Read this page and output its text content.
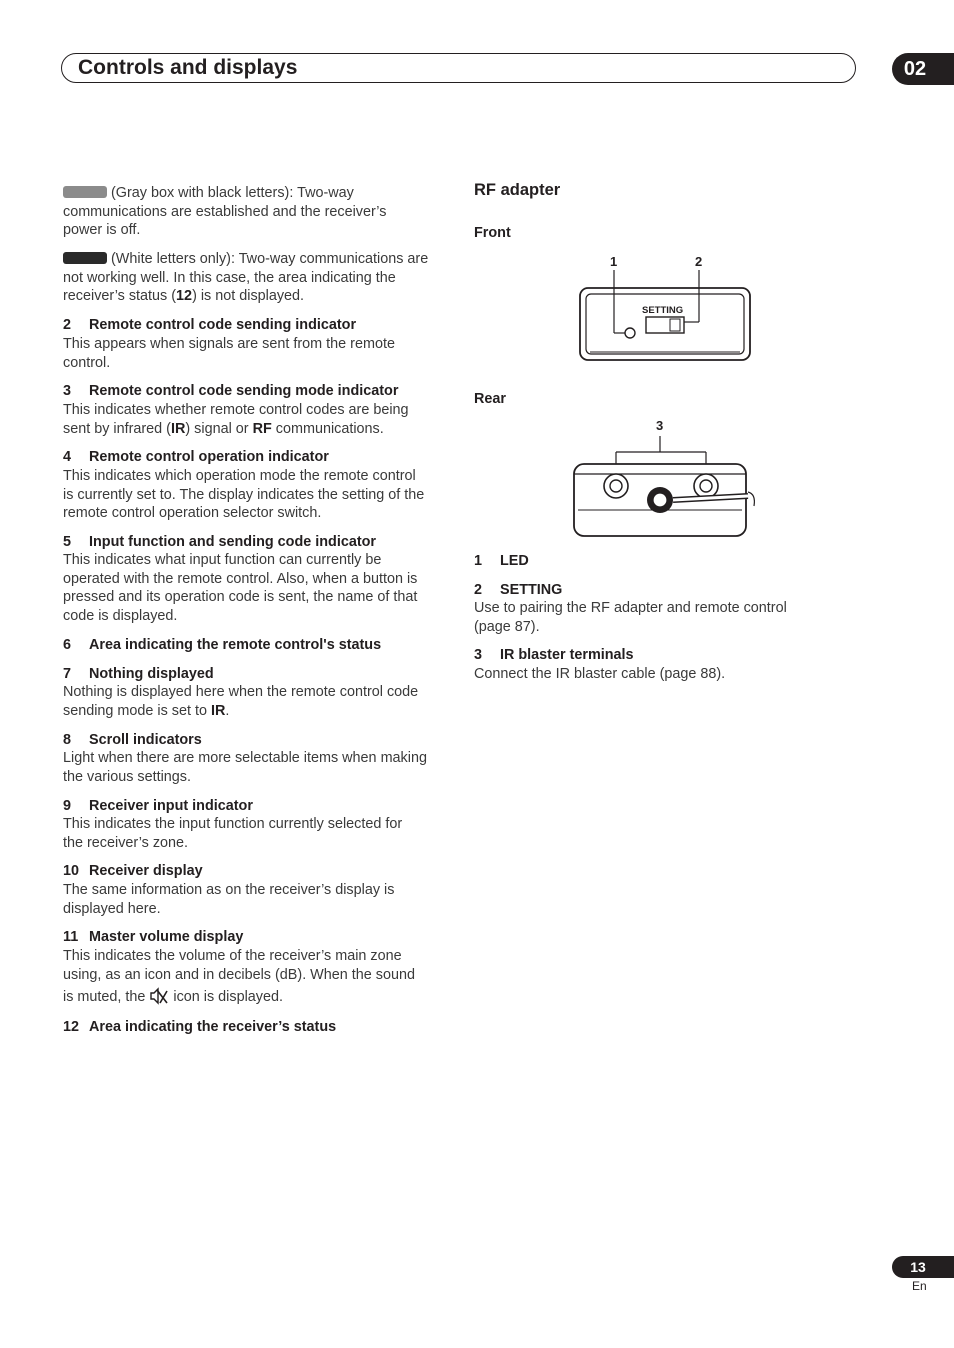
Controls and displays	02
(Gray box with black letters): Two-way
communications are established and the receiver’s
power is off.
(White letters only): Two-way communications are
not working well. In this case, the area indicating the
receiver’s status (12) is not displayed.
2 Remote control code sending indicator
This appears when signals are sent from the remote
control.
3 Remote control code sending mode indicator
This indicates whether remote control codes are being
sent by infrared (IR) signal or RF communications.
4 Remote control operation indicator
This indicates which operation mode the remote control
is currently set to. The display indicates the setting of the
remote control operation selector switch.
5 Input function and sending code indicator
This indicates what input function can currently be
operated with the remote control. Also, when a button is
pressed and its operation code is sent, the name of that
code is displayed.
6 Area indicating the remote control's status
7 Nothing displayed
Nothing is displayed here when the remote control code
sending mode is set to IR.
8 Scroll indicators
Light when there are more selectable items when making
the various settings.
9 Receiver input indicator
This indicates the input function currently selected for
the receiver’s zone.
10 Receiver display
The same information as on the receiver’s display is
displayed here.
11 Master volume display
This indicates the volume of the receiver’s main zone
using, as an icon and in decibels (dB). When the sound
is muted, the icon is displayed.
12 Area indicating the receiver’s status
RF adapter
Front
1	2
SETTING
Rear
3
1 LED
2 SETTING
Use to pairing the RF adapter and remote control
(page 87).
3 IR blaster terminals
Connect the IR blaster cable (page 88).
13
En
